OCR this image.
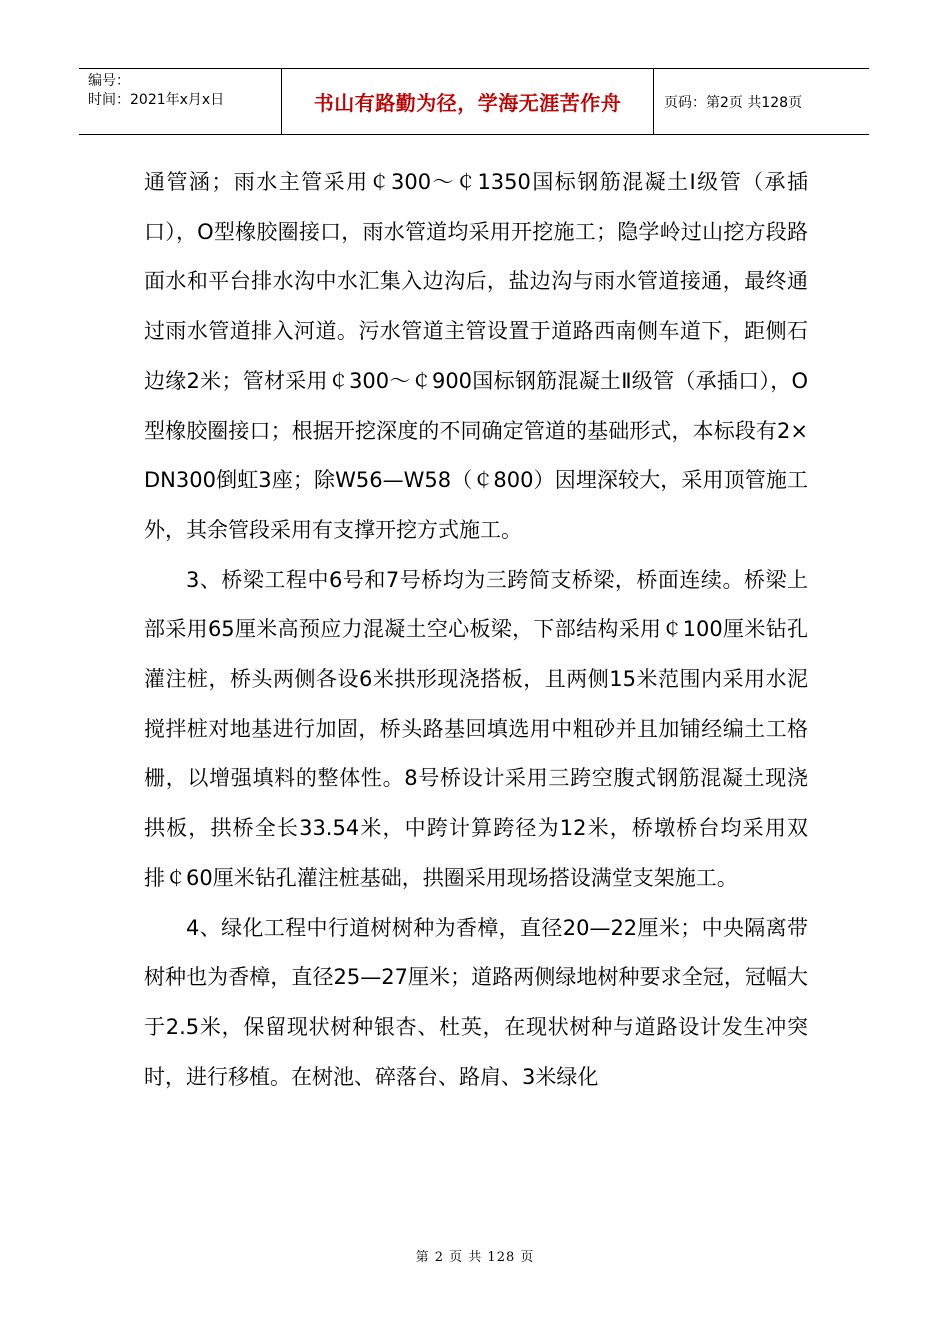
编号：
时间：2021年x月x日	书山有路勤为径，学海无涯苦作舟	页码：第2页 共128页

通管涵；雨水主管采用￠300～￠1350国标钢筋混凝土Ⅰ级管（承插口），O型橡胶圈接口，雨水管道均采用开挖施工；隐学岭过山挖方段路面水和平台排水沟中水汇集入边沟后，盐边沟与雨水管道接通，最终通过雨水管道排入河道。污水管道主管设置于道路西南侧车道下，距侧石边缘2米；管材采用￠300～￠900国标钢筋混凝土Ⅱ级管（承插口），O型橡胶圈接口；根据开挖深度的不同确定管道的基础形式，本标段有2×DN300倒虹3座；除W56—W58（￠800）因埋深较大，采用顶管施工外，其余管段采用有支撑开挖方式施工。

3、桥梁工程中6号和7号桥均为三跨简支桥梁，桥面连续。桥梁上部采用65厘米高预应力混凝土空心板梁，下部结构采用￠100厘米钻孔灌注桩，桥头两侧各设6米拱形现浇搭板，且两侧15米范围内采用水泥搅拌桩对地基进行加固，桥头路基回填选用中粗砂并且加铺经编土工格栅，以增强填料的整体性。8号桥设计采用三跨空腹式钢筋混凝土现浇拱板，拱桥全长33.54米，中跨计算跨径为12米，桥墩桥台均采用双排￠60厘米钻孔灌注桩基础，拱圈采用现场搭设满堂支架施工。

4、绿化工程中行道树树种为香樟，直径20—22厘米；中央隔离带树种也为香樟，直径25—27厘米；道路两侧绿地树种要求全冠，冠幅大于2.5米，保留现状树种银杏、杜英，在现状树种与道路设计发生冲突时，进行移植。在树池、碎落台、路肩、3米绿化

第 2 页 共 128 页
